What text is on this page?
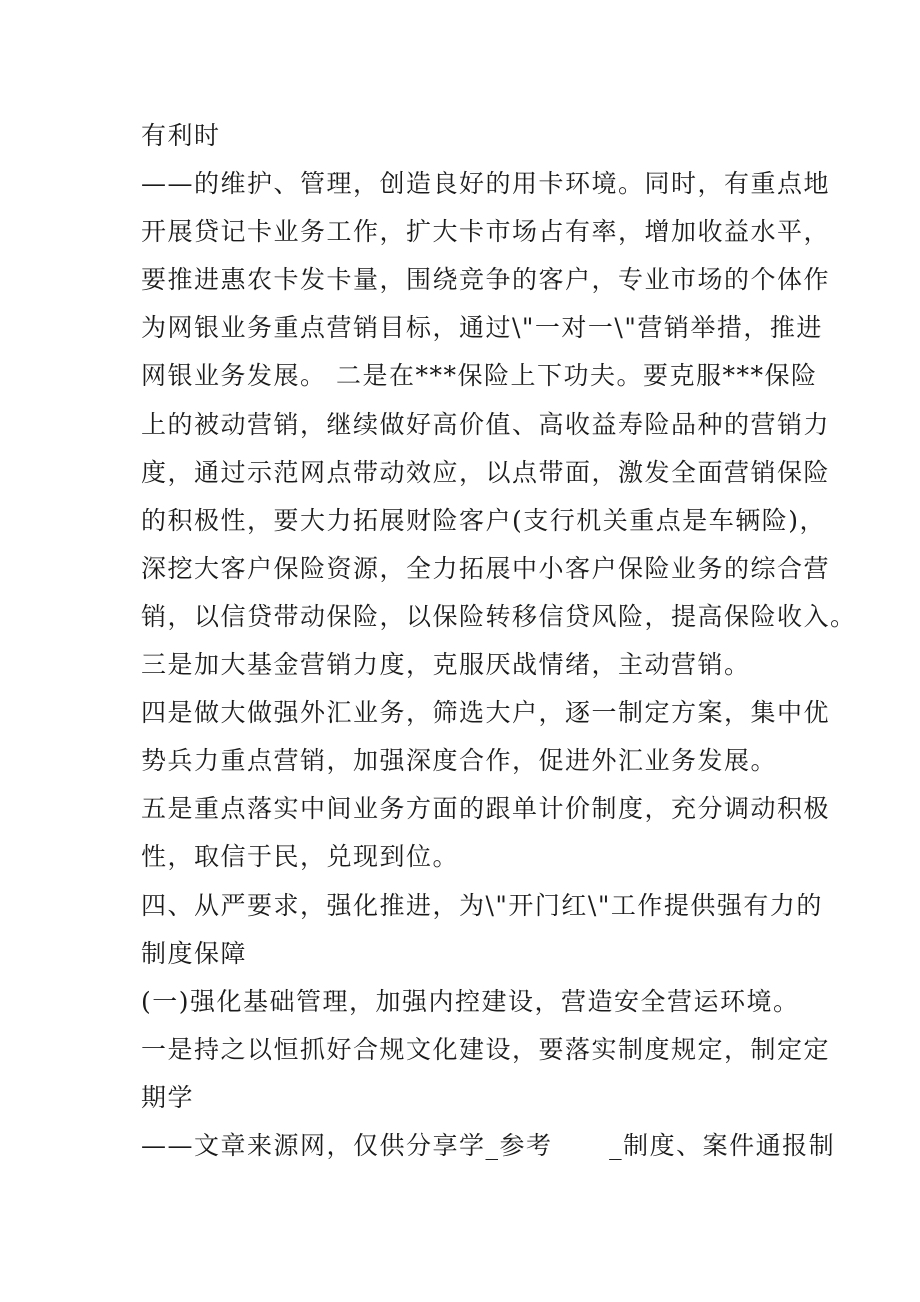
有利时
——的维护、管理，创造良好的用卡环境。同时，有重点地
开展贷记卡业务工作，扩大卡市场占有率，增加收益水平，
要推进惠农卡发卡量，围绕竞争的客户，专业市场的个体作
为网银业务重点营销目标，通过\"一对一\"营销举措，推进
网银业务发展。 二是在***保险上下功夫。要克服***保险
上的被动营销，继续做好高价值、高收益寿险品种的营销力
度，通过示范网点带动效应，以点带面，激发全面营销保险
的积极性，要大力拓展财险客户(支行机关重点是车辆险)，
深挖大客户保险资源，全力拓展中小客户保险业务的综合营
销，以信贷带动保险，以保险转移信贷风险，提高保险收入。
三是加大基金营销力度，克服厌战情绪，主动营销。
四是做大做强外汇业务，筛选大户，逐一制定方案，集中优
势兵力重点营销，加强深度合作，促进外汇业务发展。
五是重点落实中间业务方面的跟单计价制度，充分调动积极
性，取信于民，兑现到位。
四、从严要求，强化推进，为\"开门红\"工作提供强有力的
制度保障
(一)强化基础管理，加强内控建设，营造安全营运环境。
一是持之以恒抓好合规文化建设，要落实制度规定，制定定
期学
——文章来源网，仅供分享学_参考      _制度、案件通报制
